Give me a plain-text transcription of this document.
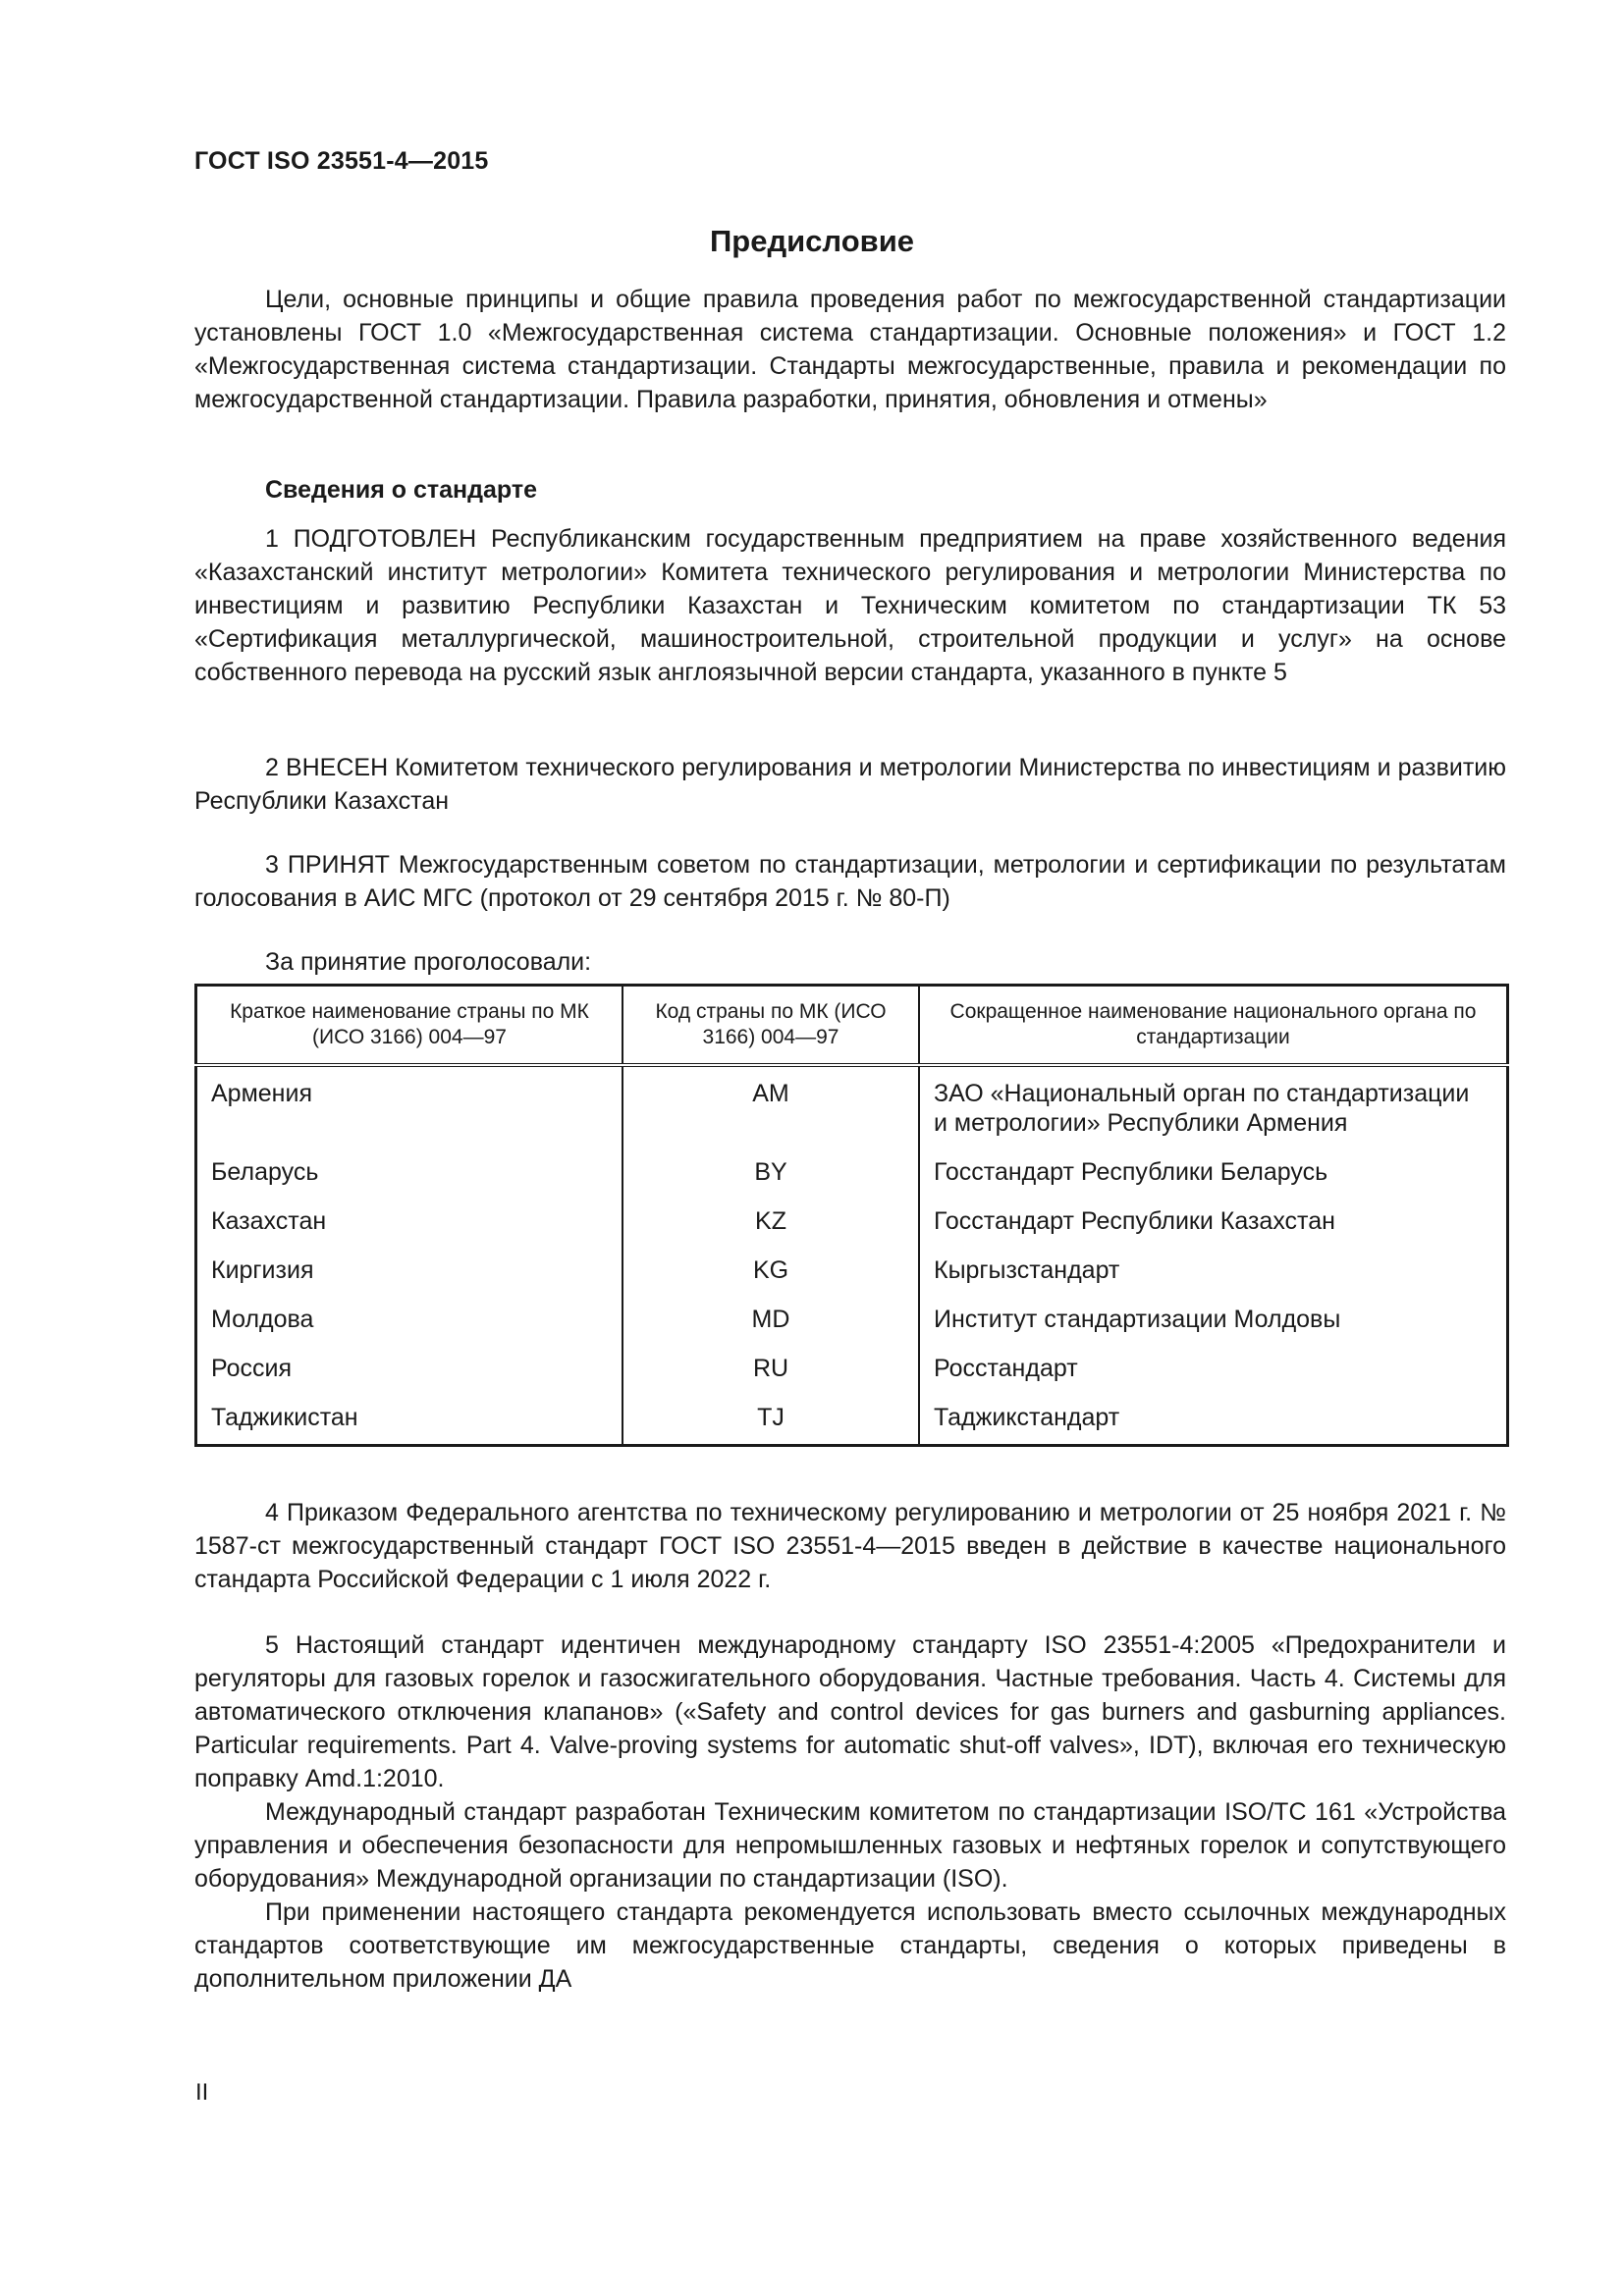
ГОСТ ISO 23551-4—2015
Предисловие

Цели, основные принципы и общие правила проведения работ по межгосударственной стандартизации установлены ГОСТ 1.0 «Межгосударственная система стандартизации. Основные положения» и ГОСТ 1.2 «Межгосударственная система стандартизации. Стандарты межгосударственные, правила и рекомендации по межгосударственной стандартизации. Правила разработки, принятия, обновления и отмены»

Сведения о стандарте

1 ПОДГОТОВЛЕН Республиканским государственным предприятием на праве хозяйственного ведения «Казахстанский институт метрологии» Комитета технического регулирования и метрологии Министерства по инвестициям и развитию Республики Казахстан и Техническим комитетом по стандартизации ТК 53 «Сертификация металлургической, машиностроительной, строительной продукции и услуг» на основе собственного перевода на русский язык англоязычной версии стандарта, указанного в пункте 5

2 ВНЕСЕН Комитетом технического регулирования и метрологии Министерства по инвестициям и развитию Республики Казахстан

3 ПРИНЯТ Межгосударственным советом по стандартизации, метрологии и сертификации по результатам голосования в АИС МГС (протокол от 29 сентября 2015 г. № 80-П)

За принятие проголосовали:
Краткое наименование страны по МК (ИСО 3166) 004—97	Код страны по МК (ИСО 3166) 004—97	Сокращенное наименование национального органа по стандартизации
Армения	AM	ЗАО «Национальный орган по стандартизации
и метрологии» Республики Армения

Беларусь	BY	Госстандарт Республики Беларусь
Казахстан	KZ	Госстандарт Республики Казахстан
Киргизия	KG	Кыргызстандарт
Молдова	MD	Институт стандартизации Молдовы
Россия	RU	Росстандарт
Таджикистан	TJ	Таджикстандарт

4 Приказом Федерального агентства по техническому регулированию и метрологии от 25 ноября 2021 г. № 1587-ст межгосударственный стандарт ГОСТ ISO 23551-4—2015 введен в действие в качестве национального стандарта Российской Федерации с 1 июля 2022 г.

5 Настоящий стандарт идентичен международному стандарту ISO 23551-4:2005 «Предохранители и регуляторы для газовых горелок и газосжигательного оборудования. Частные требования. Часть 4. Системы для автоматического отключения клапанов» («Safety and control devices for gas burners and gasburning appliances. Particular requirements. Part 4. Valve-proving systems for automatic shut-off valves», IDT), включая его техническую поправку Amd.1:2010.

Международный стандарт разработан Техническим комитетом по стандартизации ISO/TC 161 «Устройства управления и обеспечения безопасности для непромышленных газовых и нефтяных горелок и сопутствующего оборудования» Международной организации по стандартизации (ISO).

При применении настоящего стандарта рекомендуется использовать вместо ссылочных международных стандартов соответствующие им межгосударственные стандарты, сведения о которых приведены в дополнительном приложении ДА

II
